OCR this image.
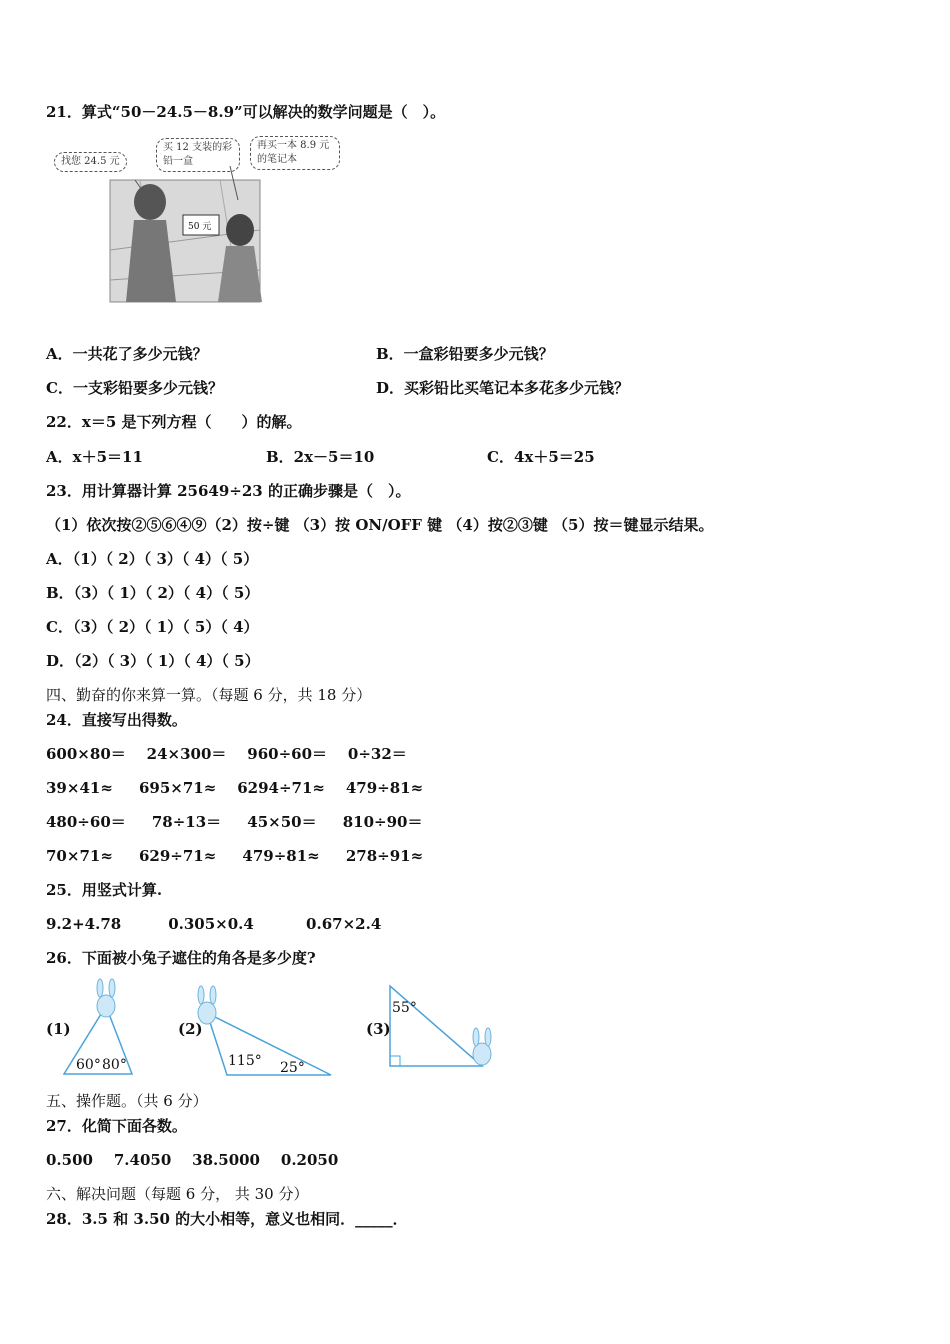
21．算式“50－24.5－8.9”可以解决的数学问题是（　）。
找您 24.5 元
买 12 支装的彩铅一盒
再买一本 8.9 元的笔记本
50 元
A．一共花了多少元钱？	B．一盒彩铅要多少元钱？
C．一支彩铅要多少元钱？	D．买彩铅比买笔记本多花多少元钱？
22．x＝5 是下列方程（　　）的解。
A．x＋5＝11	B．2x－5＝10	C．4x＋5＝25
23．用计算器计算 25649÷23 的正确步骤是（　）。
（1）依次按②⑤⑥④⑨（2）按÷键 （3）按 ON/OFF 键 （4）按②③键 （5）按＝键显示结果。
A．（1）（ 2）（ 3）（ 4）（ 5）
B．（3）（ 1）（ 2）（ 4）（ 5）
C．（3）（ 2）（ 1）（ 5）（ 4）
D．（2）（ 3）（ 1）（ 4）（ 5）
四、勤奋的你来算一算。（每题 6 分，共 18 分）
24．直接写出得数。
600×80＝    24×300＝    960÷60＝    0÷32＝
39×41≈     695×71≈    6294÷71≈    479÷81≈
480÷60＝     78÷13＝     45×50＝     810÷90＝
70×71≈     629÷71≈     479÷81≈     278÷91≈
25．用竖式计算.
9.2+4.78         0.305×0.4          0.67×2.4
26．下面被小兔子遮住的角各是多少度?
(1)	(2)	(3)
60° 80°	115° 25°
55°
五、操作题。（共 6 分）
27．化简下面各数。
0.500    7.4050    38.5000    0.2050
六、解决问题（每题 6 分， 共 30 分）
28．3.5 和 3.50 的大小相等，意义也相同．_____．
